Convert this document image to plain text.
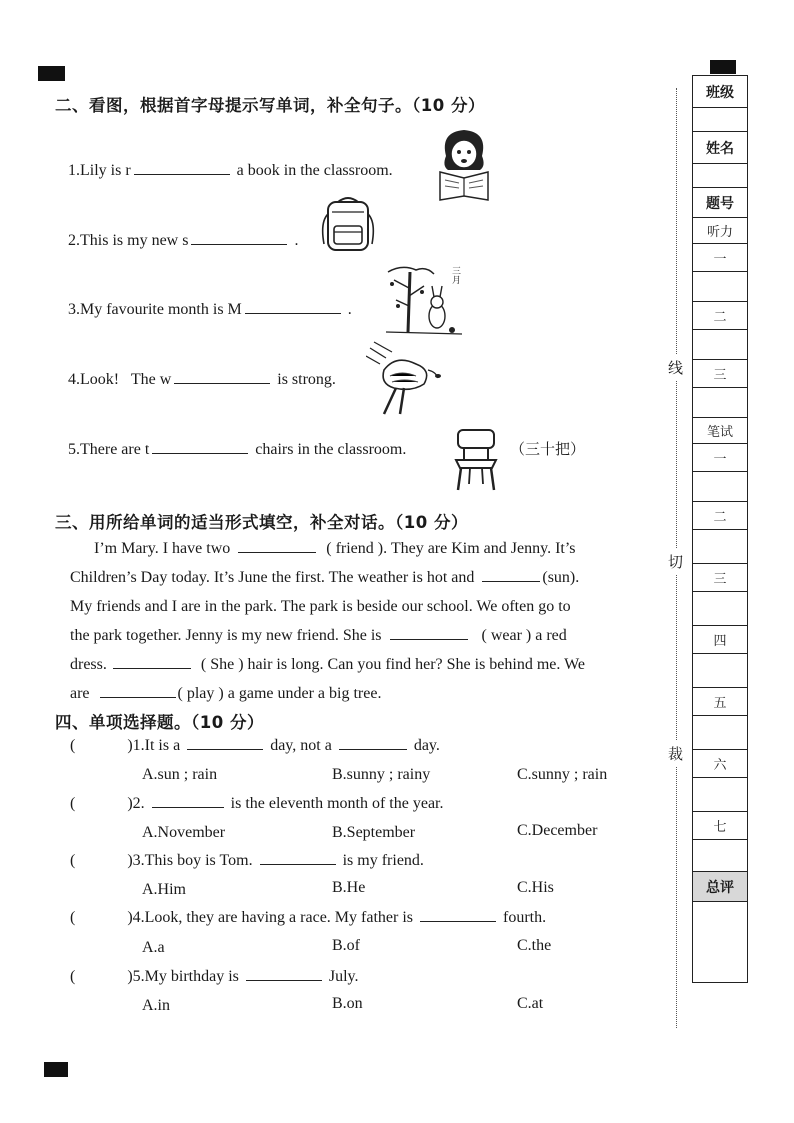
二、看图，根据首字母提示写单词，补全句子。（10 分）
1.Lily is r	a book in the classroom.
2.This is my new s	.
3.My favourite month is M	.
4.Look!   The w	is strong.
5.There are t	chairs in the classroom.	（三十把）
三月
三、用所给单词的适当形式填空，补全对话。（10 分）
I’m Mary. I have two	( friend ). They are Kim and Jenny. It’s
Children’s Day today. It’s June the first. The weather is hot and	(sun).
My friends and I are in the park. The park is beside our school. We often go to
the park together. Jenny is my new friend. She is	( wear ) a red
dress.	( She ) hair is long. Can you find her? She is behind me. We
are	( play ) a game under a big tree.
四、单项选择题。（10 分）
(	)1.It is a	day, not a	day.
A.sun ; rain	B.sunny ; rainy	C.sunny ; rain
(	)2.	is the eleventh month of the year.
A.November	B.September	C.December
(	)3.This boy is Tom.	is my friend.
A.Him	B.He	C.His
(	)4.Look, they are having a race. My father is	fourth.
A.a	B.of	C.the
(	)5.My birthday is	July.
A.in	B.on	C.at
线
切
裁
班级
姓名
题号
听力
一
二
三
笔试
一
二
三
四
五
六
七
总评
